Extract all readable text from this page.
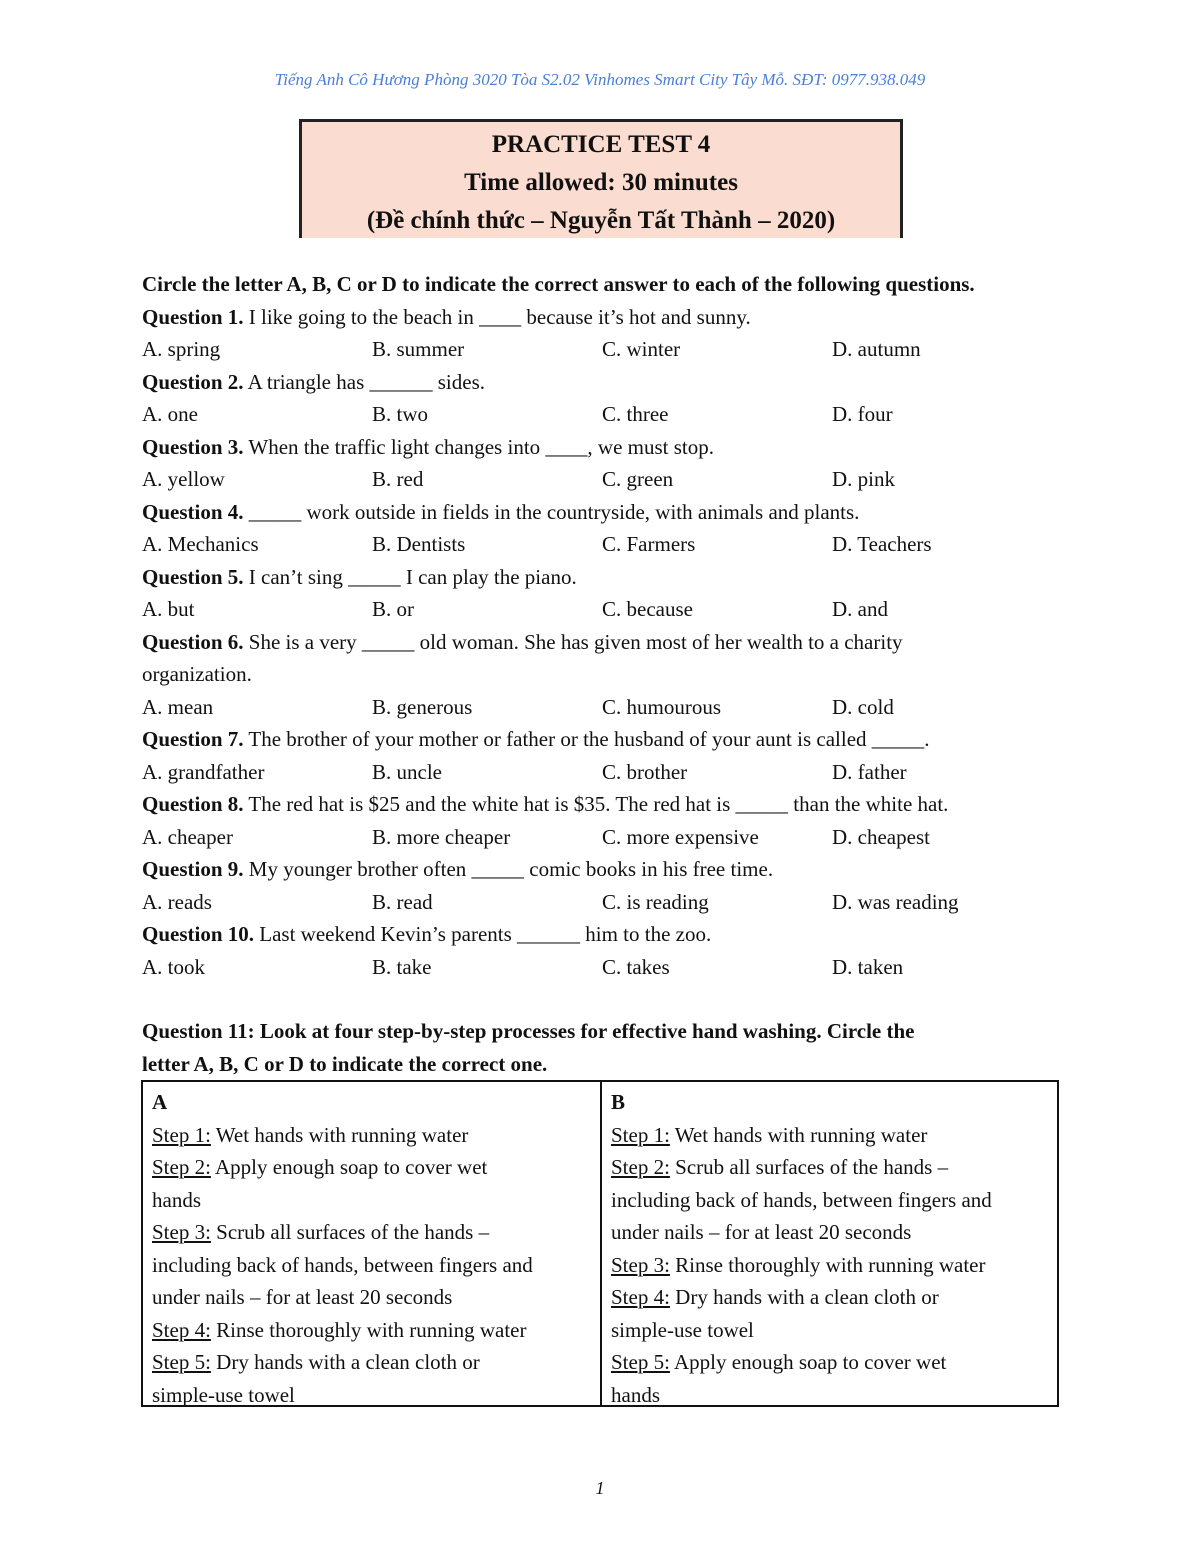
Tiếng Anh Cô Hương Phòng 3020 Tòa S2.02 Vinhomes Smart City Tây Mỗ. SĐT: 0977.938.049
PRACTICE TEST 4
Time allowed: 30 minutes
(Đề chính thức – Nguyễn Tất Thành – 2020)
Circle the letter A, B, C or D to indicate the correct answer to each of the following questions.
Question 1. I like going to the beach in ____ because it’s hot and sunny.
A. spring	B. summer	C. winter	D. autumn
Question 2. A triangle has ______ sides.
A. one	B. two	C. three	D. four
Question 3. When the traffic light changes into ____, we must stop.
A. yellow	B. red	C. green	D. pink
Question 4. _____ work outside in fields in the countryside, with animals and plants.
A. Mechanics	B. Dentists	C. Farmers	D. Teachers
Question 5. I can’t sing _____ I can play the piano.
A. but	B. or	C. because	D. and
Question 6. She is a very _____ old woman. She has given most of her wealth to a charity
organization.
A. mean	B. generous	C. humourous	D. cold
Question 7. The brother of your mother or father or the husband of your aunt is called _____.
A. grandfather	B. uncle	C. brother	D. father
Question 8. The red hat is $25 and the white hat is $35. The red hat is _____ than the white hat.
A. cheaper	B. more cheaper	C. more expensive	D. cheapest
Question 9. My younger brother often _____ comic books in his free time.
A. reads	B. read	C. is reading	D. was reading
Question 10. Last weekend Kevin’s parents ______ him to the zoo.
A. took	B. take	C. takes	D. taken
Question 11: Look at four step-by-step processes for effective hand washing. Circle the
letter A, B, C or D to indicate the correct one.
A
Step 1: Wet hands with running water
Step 2: Apply enough soap to cover wet
hands
Step 3: Scrub all surfaces of the hands –
including back of hands, between fingers and
under nails – for at least 20 seconds
Step 4: Rinse thoroughly with running water
Step 5: Dry hands with a clean cloth or
simple-use towel
B
Step 1: Wet hands with running water
Step 2: Scrub all surfaces of the hands –
including back of hands, between fingers and
under nails – for at least 20 seconds
Step 3: Rinse thoroughly with running water
Step 4: Dry hands with a clean cloth or
simple-use towel
Step 5: Apply enough soap to cover wet
hands
1
